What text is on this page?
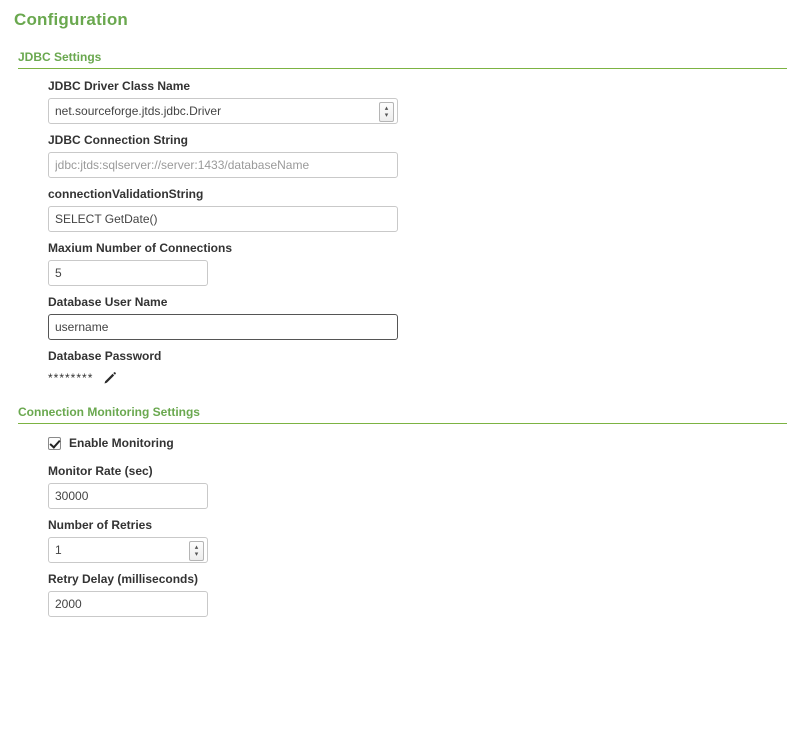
Configuration
JDBC Settings
JDBC Driver Class Name
net.sourceforge.jtds.jdbc.Driver
▴
▾
JDBC Connection String
jdbc:jtds:sqlserver://server:1433/databaseName
connectionValidationString
SELECT GetDate()
Maxium Number of Connections
5
Database User Name
username
Database Password
********
Connection Monitoring Settings
Enable Monitoring
Monitor Rate (sec)
30000
Number of Retries
1
▴
▾
Retry Delay (milliseconds)
2000
